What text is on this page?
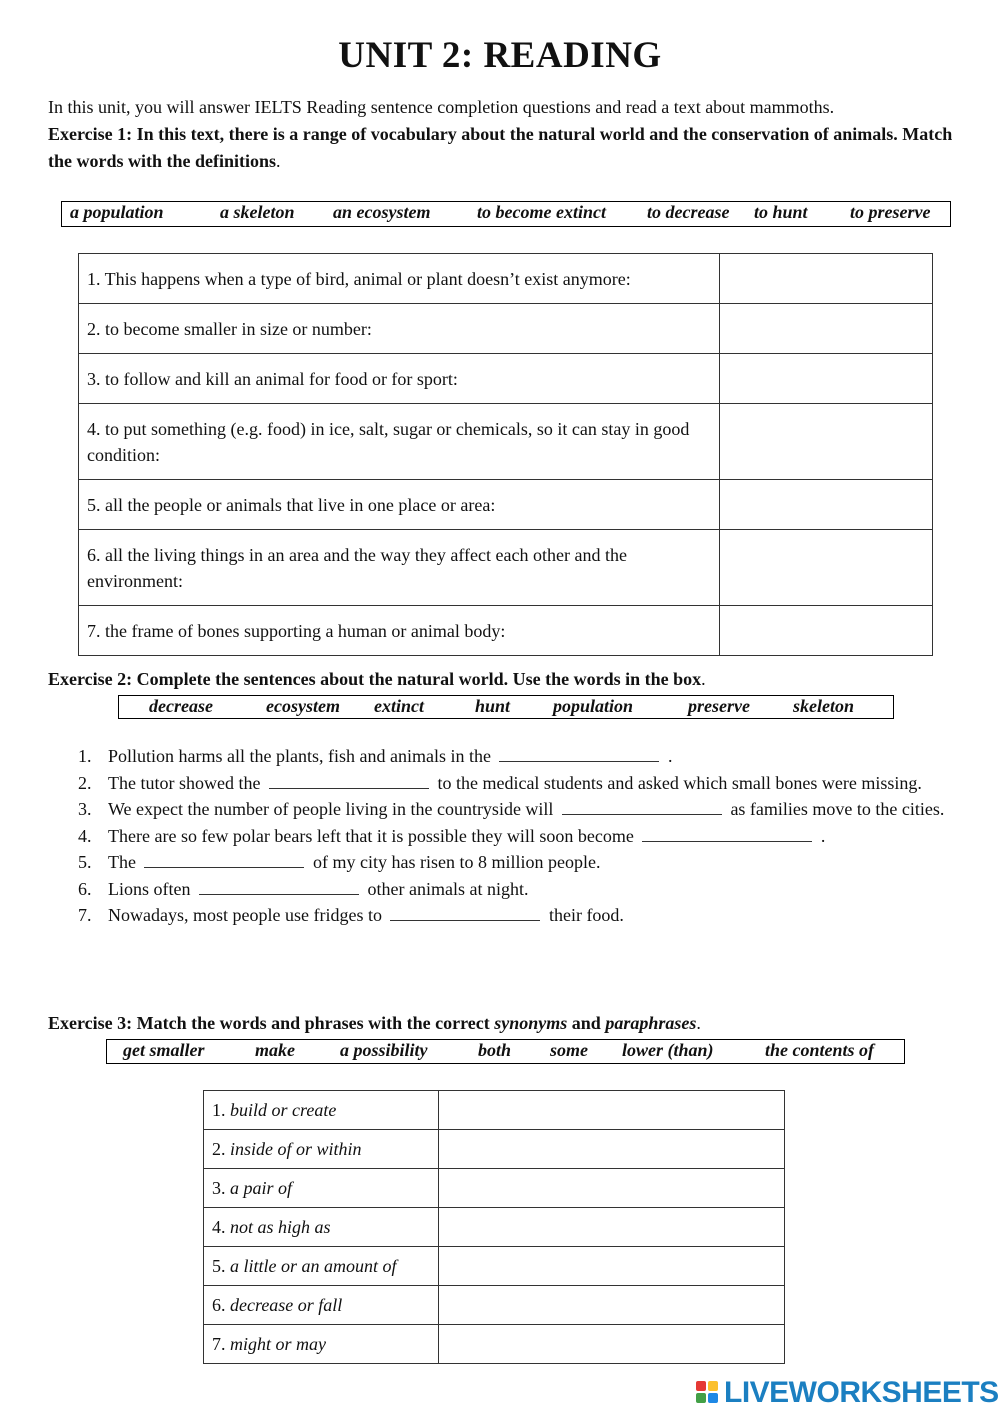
UNIT 2: READING
In this unit, you will answer IELTS Reading sentence completion questions and read a text about mammoths.
Exercise 1: In this text, there is a range of vocabulary about the natural world and the conservation of animals. Match the words with the definitions.
a population	a skeleton an ecosystem	to become extinct to decrease to hunt to preserve
1. This happens when a type of bird, animal or plant doesn’t exist anymore:	

2. to become smaller in size or number:	

3. to follow and kill an animal for food or for sport:	

4. to put something (e.g. food) in ice, salt, sugar or chemicals, so it can stay in good condition:	

5. all the people or animals that live in one place or area:	

6. all the living things in an area and the way they affect each other and the environment:	

7. the frame of bones supporting a human or animal body:	
Exercise 2: Complete the sentences about the natural world. Use the words in the box.
decrease	ecosystem extinct	hunt population	preserve skeleton
1. Pollution harms all the plants, fish and animals in the	.
2. The tutor showed the	to the medical students and asked which small bones were missing.
3. We expect the number of people living in the countryside will	as families move to the cities.
4. There are so few polar bears left that it is possible they will soon become	.
5. The	of my city has risen to 8 million people.
6. Lions often	other animals at night.
7. Nowadays, most people use fridges to	their food.
Exercise 3: Match the words and phrases with the correct synonyms and paraphrases.
get smaller	make	a possibility	both some lower (than)	the contents of
1. build or create	

2. inside of or within	

3. a pair of	

4. not as high as	

5. a little or an amount of	

6. decrease or fall	

7. might or may	
LIVEWORKSHEETS
